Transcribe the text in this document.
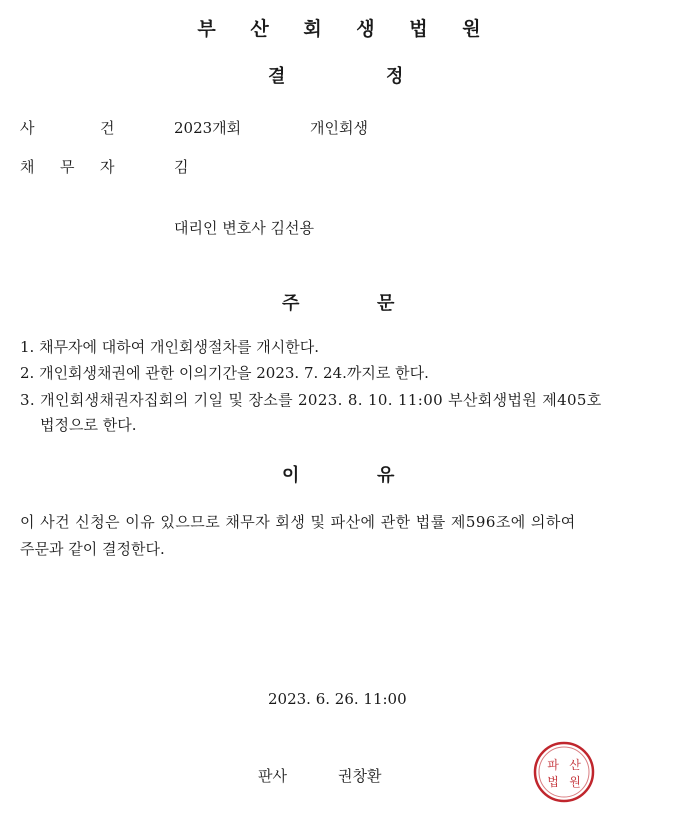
부 산 회 생 법 원
결	정
사	건	2023개회	개인회생
채 무 자	김
대리인 변호사 김선용
주	문
1. 채무자에 대하여 개인회생절차를 개시한다.
2. 개인회생채권에 관한 이의기간을 2023. 7. 24.까지로 한다.
3. 개인회생채권자집회의 기일 및 장소를 2023. 8. 10. 11:00 부산회생법원 제405호
법정으로 한다.
이	유
이 사건 신청은 이유 있으므로 채무자 회생 및 파산에 관한 법률 제596조에 의하여
주문과 같이 결정한다.
2023. 6. 26. 11:00
판사	권창환
파 산
법 원
